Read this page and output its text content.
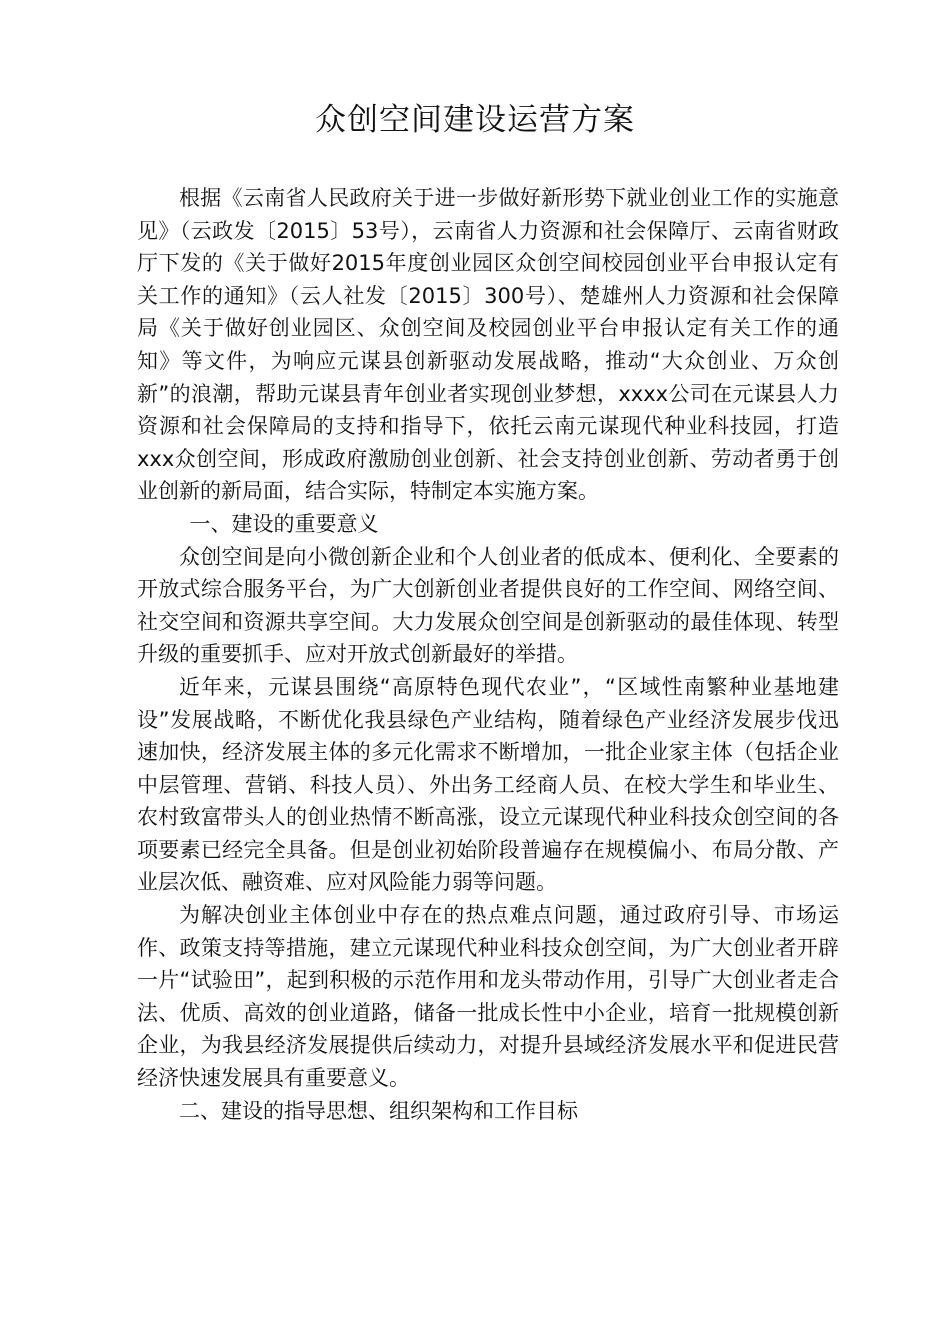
众创空间建设运营方案

根据《云南省人民政府关于进一步做好新形势下就业创业工作的实施意见》（云政发〔2015〕53号），云南省人力资源和社会保障厅、云南省财政厅下发的《关于做好2015年度创业园区众创空间校园创业平台申报认定有关工作的通知》（云人社发〔2015〕300号）、楚雄州人力资源和社会保障局《关于做好创业园区、众创空间及校园创业平台申报认定有关工作的通知》等文件，为响应元谋县创新驱动发展战略，推动“大众创业、万众创新”的浪潮，帮助元谋县青年创业者实现创业梦想，xxxx公司在元谋县人力资源和社会保障局的支持和指导下，依托云南元谋现代种业科技园，打造xxx众创空间，形成政府激励创业创新、社会支持创业创新、劳动者勇于创业创新的新局面，结合实际，特制定本实施方案。

一、建设的重要意义

众创空间是向小微创新企业和个人创业者的低成本、便利化、全要素的开放式综合服务平台，为广大创新创业者提供良好的工作空间、网络空间、社交空间和资源共享空间。大力发展众创空间是创新驱动的最佳体现、转型升级的重要抓手、应对开放式创新最好的举措。

近年来，元谋县围绕“高原特色现代农业”，“区域性南繁种业基地建设”发展战略，不断优化我县绿色产业结构，随着绿色产业经济发展步伐迅速加快，经济发展主体的多元化需求不断增加，一批企业家主体（包括企业中层管理、营销、科技人员）、外出务工经商人员、在校大学生和毕业生、农村致富带头人的创业热情不断高涨，设立元谋现代种业科技众创空间的各项要素已经完全具备。但是创业初始阶段普遍存在规模偏小、布局分散、产业层次低、融资难、应对风险能力弱等问题。

为解决创业主体创业中存在的热点难点问题，通过政府引导、市场运作、政策支持等措施，建立元谋现代种业科技众创空间，为广大创业者开辟一片“试验田”，起到积极的示范作用和龙头带动作用，引导广大创业者走合法、优质、高效的创业道路，储备一批成长性中小企业，培育一批规模创新企业，为我县经济发展提供后续动力，对提升县域经济发展水平和促进民营经济快速发展具有重要意义。

二、建设的指导思想、组织架构和工作目标
